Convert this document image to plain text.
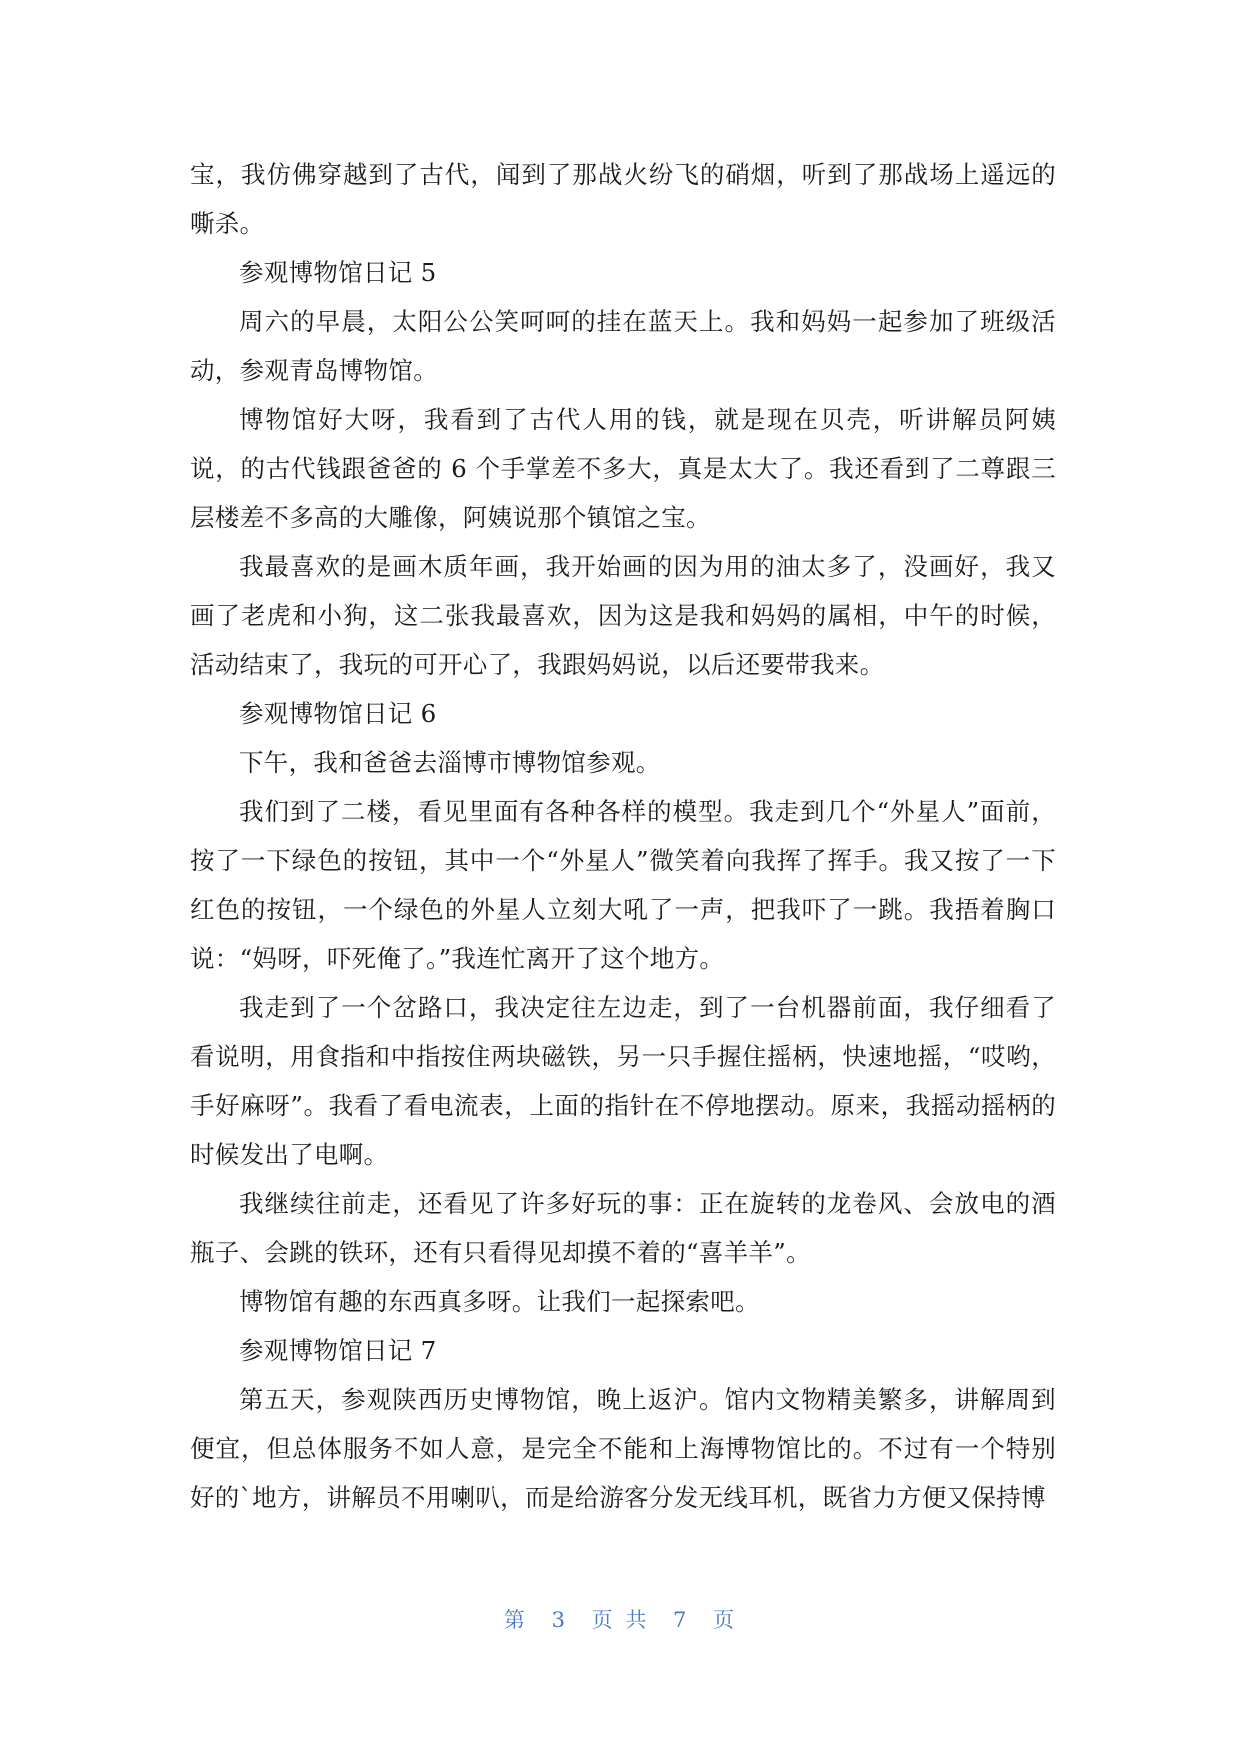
宝，我仿佛穿越到了古代，闻到了那战火纷飞的硝烟，听到了那战场上遥远的嘶杀。

参观博物馆日记 5

周六的早晨，太阳公公笑呵呵的挂在蓝天上。我和妈妈一起参加了班级活动，参观青岛博物馆。

博物馆好大呀，我看到了古代人用的钱，就是现在贝壳，听讲解员阿姨说，的古代钱跟爸爸的 6 个手掌差不多大，真是太大了。我还看到了二尊跟三层楼差不多高的大雕像，阿姨说那个镇馆之宝。

我最喜欢的是画木质年画，我开始画的因为用的油太多了，没画好，我又画了老虎和小狗，这二张我最喜欢，因为这是我和妈妈的属相，中午的时候，活动结束了，我玩的可开心了，我跟妈妈说，以后还要带我来。

参观博物馆日记 6

下午，我和爸爸去淄博市博物馆参观。

我们到了二楼，看见里面有各种各样的模型。我走到几个“外星人”面前，按了一下绿色的按钮，其中一个“外星人”微笑着向我挥了挥手。我又按了一下红色的按钮，一个绿色的外星人立刻大吼了一声，把我吓了一跳。我捂着胸口说：“妈呀，吓死俺了。”我连忙离开了这个地方。

我走到了一个岔路口，我决定往左边走，到了一台机器前面，我仔细看了看说明，用食指和中指按住两块磁铁，另一只手握住摇柄，快速地摇，“哎哟，手好麻呀”。我看了看电流表，上面的指针在不停地摆动。原来，我摇动摇柄的时候发出了电啊。

我继续往前走，还看见了许多好玩的事：正在旋转的龙卷风、会放电的酒瓶子、会跳的铁环，还有只看得见却摸不着的“喜羊羊”。

博物馆有趣的东西真多呀。让我们一起探索吧。

参观博物馆日记 7

第五天，参观陕西历史博物馆，晚上返沪。馆内文物精美繁多，讲解周到便宜，但总体服务不如人意，是完全不能和上海博物馆比的。不过有一个特别好的`地方，讲解员不用喇叭，而是给游客分发无线耳机，既省力方便又保持博

第 3 页 共 7 页
